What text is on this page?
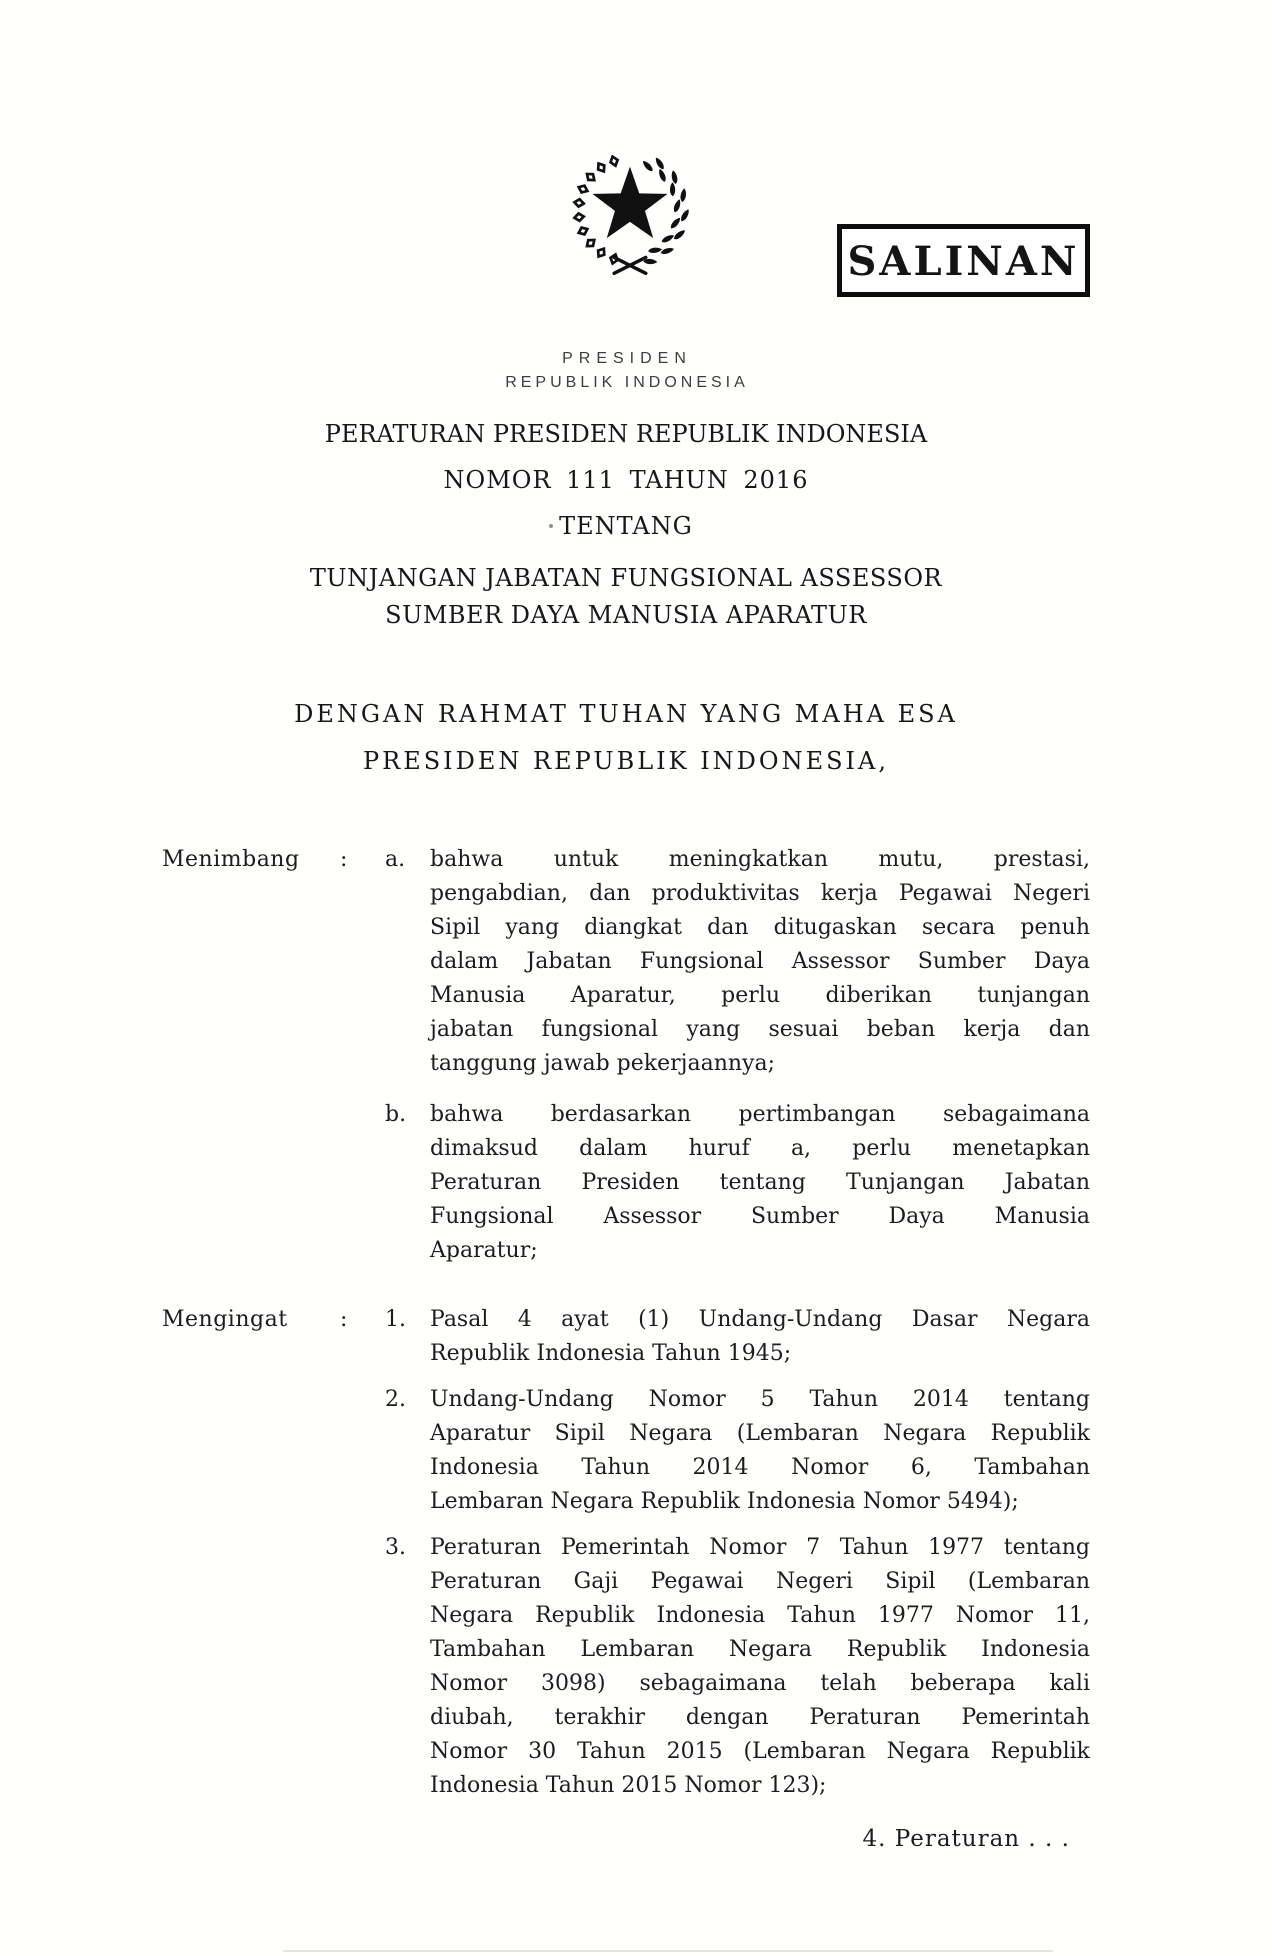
SALINAN
PRESIDEN
REPUBLIK INDONESIA
PERATURAN PRESIDEN REPUBLIK INDONESIA
NOMOR 111 TAHUN 2016
TENTANG
TUNJANGAN JABATAN FUNGSIONAL ASSESSOR
SUMBER DAYA MANUSIA APARATUR
DENGAN RAHMAT TUHAN YANG MAHA ESA
PRESIDEN REPUBLIK INDONESIA,
Menimbang : a.	bahwa untuk meningkatkan mutu, prestasi,
pengabdian, dan produktivitas kerja Pegawai Negeri
Sipil yang diangkat dan ditugaskan secara penuh
dalam Jabatan Fungsional Assessor Sumber Daya
Manusia Aparatur, perlu diberikan tunjangan
jabatan fungsional yang sesuai beban kerja dan
tanggung jawab pekerjaannya;
b.	bahwa berdasarkan pertimbangan sebagaimana
dimaksud dalam huruf a, perlu menetapkan
Peraturan Presiden tentang Tunjangan Jabatan
Fungsional Assessor Sumber Daya Manusia
Aparatur;
Mengingat : 1.	Pasal 4 ayat (1) Undang-Undang Dasar Negara
Republik Indonesia Tahun 1945;
2.	Undang-Undang Nomor 5 Tahun 2014 tentang
Aparatur Sipil Negara (Lembaran Negara Republik
Indonesia Tahun 2014 Nomor 6, Tambahan
Lembaran Negara Republik Indonesia Nomor 5494);
3.	Peraturan Pemerintah Nomor 7 Tahun 1977 tentang
Peraturan Gaji Pegawai Negeri Sipil (Lembaran
Negara Republik Indonesia Tahun 1977 Nomor 11,
Tambahan Lembaran Negara Republik Indonesia
Nomor 3098) sebagaimana telah beberapa kali
diubah, terakhir dengan Peraturan Pemerintah
Nomor 30 Tahun 2015 (Lembaran Negara Republik
Indonesia Tahun 2015 Nomor 123);
4. Peraturan . . .
